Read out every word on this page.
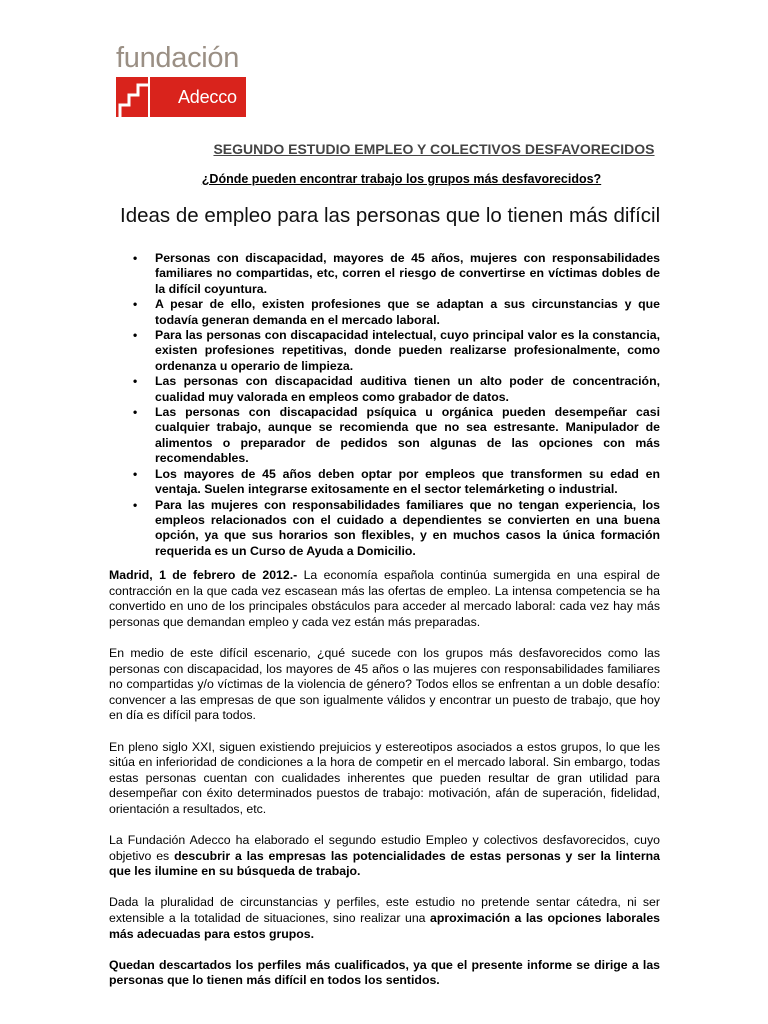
fundación
Adecco
SEGUNDO ESTUDIO EMPLEO Y COLECTIVOS DESFAVORECIDOS
¿Dónde pueden encontrar trabajo los grupos más desfavorecidos?
Ideas de empleo para las personas que lo tienen más difícil
• Personas con discapacidad, mayores de 45 años, mujeres con responsabilidades familiares no compartidas, etc, corren el riesgo de convertirse en víctimas dobles de la difícil coyuntura.
• A pesar de ello, existen profesiones que se adaptan a sus circunstancias y que todavía generan demanda en el mercado laboral.
• Para las personas con discapacidad intelectual, cuyo principal valor es la constancia, existen profesiones repetitivas, donde pueden realizarse profesionalmente, como ordenanza u operario de limpieza.
• Las personas con discapacidad auditiva tienen un alto poder de concentración, cualidad muy valorada en empleos como grabador de datos.
• Las personas con discapacidad psíquica u orgánica pueden desempeñar casi cualquier trabajo, aunque se recomienda que no sea estresante. Manipulador de alimentos o preparador de pedidos son algunas de las opciones con más recomendables.
• Los mayores de 45 años deben optar por empleos que transformen su edad en ventaja. Suelen integrarse exitosamente en el sector telemárketing o industrial.
• Para las mujeres con responsabilidades familiares que no tengan experiencia, los empleos relacionados con el cuidado a dependientes se convierten en una buena opción, ya que sus horarios son flexibles, y en muchos casos la única formación requerida es un Curso de Ayuda a Domicilio.

Madrid, 1 de febrero de 2012.- La economía española continúa sumergida en una espiral de contracción en la que cada vez escasean más las ofertas de empleo. La intensa competencia se ha convertido en uno de los principales obstáculos para acceder al mercado laboral: cada vez hay más personas que demandan empleo y cada vez están más preparadas.

En medio de este difícil escenario, ¿qué sucede con los grupos más desfavorecidos como las personas con discapacidad, los mayores de 45 años o las mujeres con responsabilidades familiares no compartidas y/o víctimas de la violencia de género? Todos ellos se enfrentan a un doble desafío: convencer a las empresas de que son igualmente válidos y encontrar un puesto de trabajo, que hoy en día es difícil para todos.

En pleno siglo XXI, siguen existiendo prejuicios y estereotipos asociados a estos grupos, lo que les sitúa en inferioridad de condiciones a la hora de competir en el mercado laboral. Sin embargo, todas estas personas cuentan con cualidades inherentes que pueden resultar de gran utilidad para desempeñar con éxito determinados puestos de trabajo: motivación, afán de superación, fidelidad, orientación a resultados, etc.

La Fundación Adecco ha elaborado el segundo estudio Empleo y colectivos desfavorecidos, cuyo objetivo es descubrir a las empresas las potencialidades de estas personas y ser la linterna que les ilumine en su búsqueda de trabajo.

Dada la pluralidad de circunstancias y perfiles, este estudio no pretende sentar cátedra, ni ser extensible a la totalidad de situaciones, sino realizar una aproximación a las opciones laborales más adecuadas para estos grupos.

Quedan descartados los perfiles más cualificados, ya que el presente informe se dirige a las personas que lo tienen más difícil en todos los sentidos.
